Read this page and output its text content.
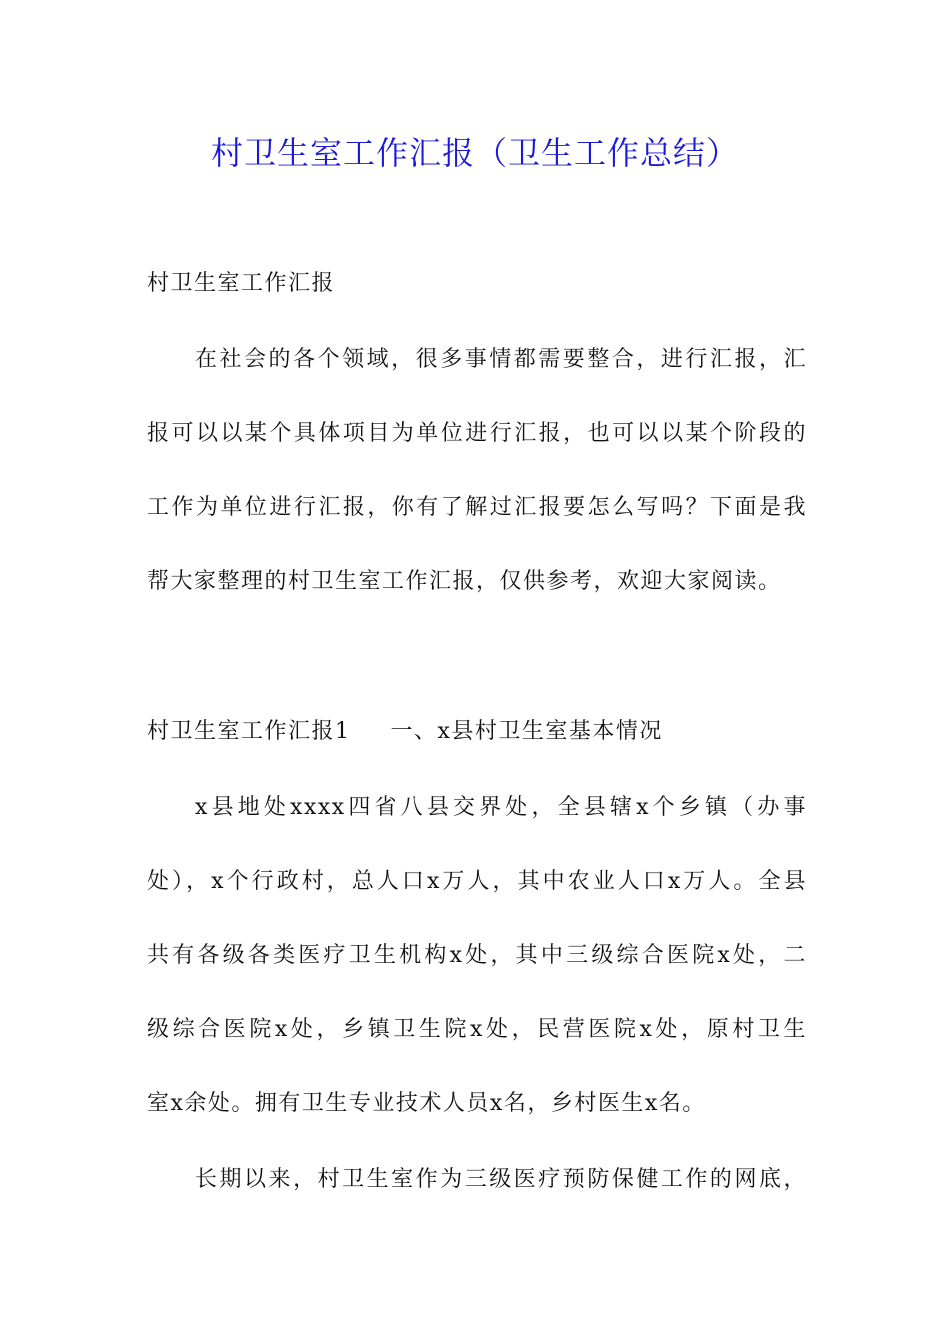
村卫生室工作汇报（卫生工作总结）
村卫生室工作汇报
在社会的各个领域，很多事情都需要整合，进行汇报，汇
报可以以某个具体项目为单位进行汇报，也可以以某个阶段的
工作为单位进行汇报，你有了解过汇报要怎么写吗？下面是我
帮大家整理的村卫生室工作汇报，仅供参考，欢迎大家阅读。
村卫生室工作汇报1 一、x县村卫生室基本情况
x县地处xxxx四省八县交界处，全县辖x个乡镇（办事
处），x个行政村，总人口x万人，其中农业人口x万人。全县
共有各级各类医疗卫生机构x处，其中三级综合医院x处，二
级综合医院x处，乡镇卫生院x处，民营医院x处，原村卫生
室x余处。拥有卫生专业技术人员x名，乡村医生x名。
长期以来，村卫生室作为三级医疗预防保健工作的网底，
